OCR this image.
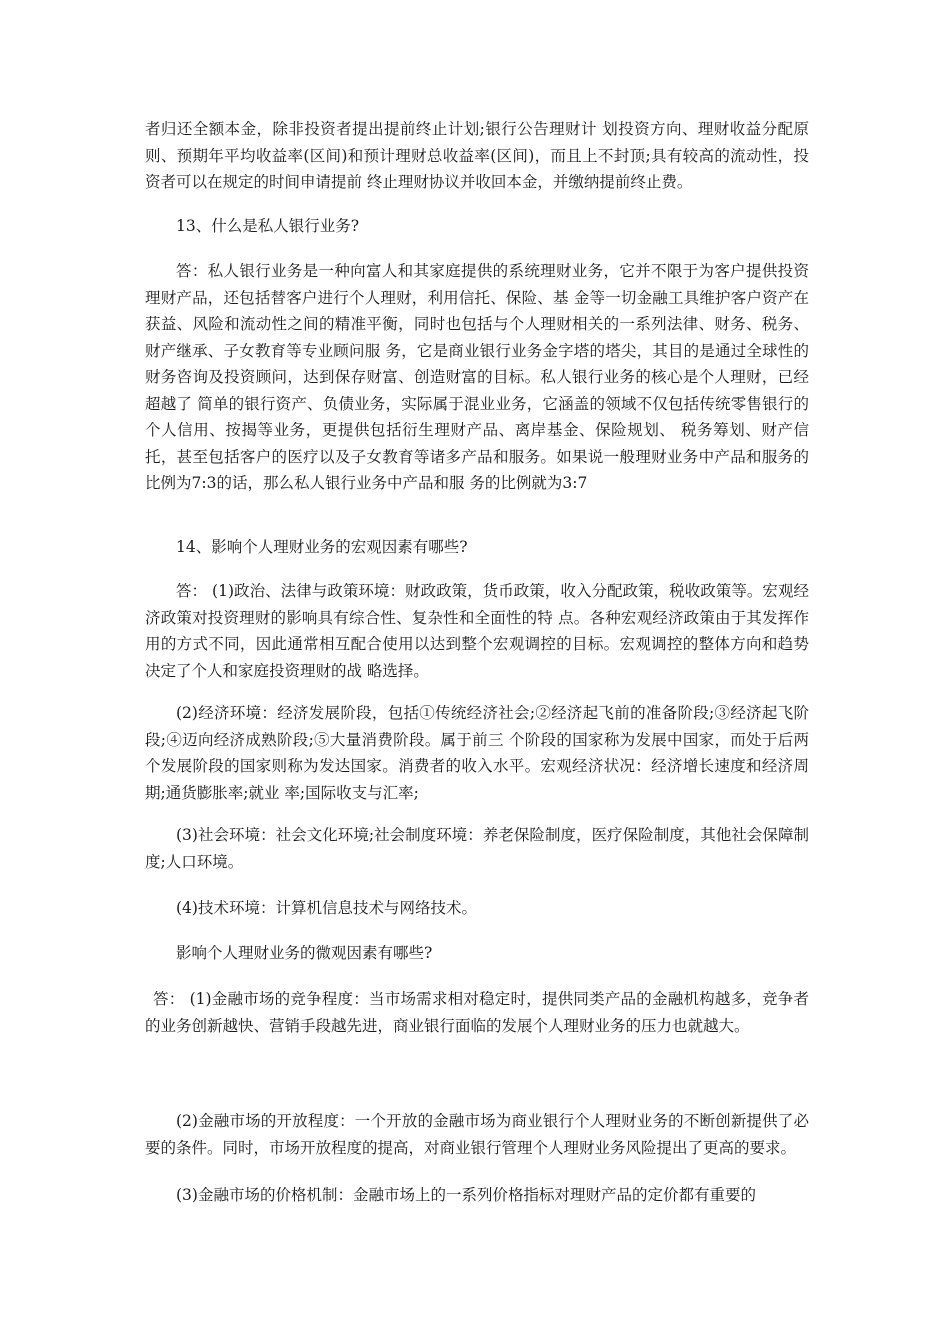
者归还全额本金，除非投资者提出提前终止计划;银行公告理财计 划投资方向、理财收益分配原则、预期年平均收益率(区间)和预计理财总收益率(区间)，而且上不封顶;具有较高的流动性，投资者可以在规定的时间申请提前 终止理财协议并收回本金，并缴纳提前终止费。

13、什么是私人银行业务?

答：私人银行业务是一种向富人和其家庭提供的系统理财业务，它并不限于为客户提供投资理财产品，还包括替客户进行个人理财，利用信托、保险、基 金等一切金融工具维护客户资产在获益、风险和流动性之间的精准平衡，同时也包括与个人理财相关的一系列法律、财务、税务、财产继承、子女教育等专业顾问服 务，它是商业银行业务金字塔的塔尖，其目的是通过全球性的财务咨询及投资顾问，达到保存财富、创造财富的目标。私人银行业务的核心是个人理财，已经超越了 简单的银行资产、负债业务，实际属于混业业务，它涵盖的领域不仅包括传统零售银行的个人信用、按揭等业务，更提供包括衍生理财产品、离岸基金、保险规划、 税务筹划、财产信托，甚至包括客户的医疗以及子女教育等诸多产品和服务。如果说一般理财业务中产品和服务的比例为7:3的话，那么私人银行业务中产品和服 务的比例就为3:7

14、影响个人理财业务的宏观因素有哪些?

答： (1)政治、法律与政策环境：财政政策，货币政策，收入分配政策，税收政策等。宏观经济政策对投资理财的影响具有综合性、复杂性和全面性的特 点。各种宏观经济政策由于其发挥作用的方式不同，因此通常相互配合使用以达到整个宏观调控的目标。宏观调控的整体方向和趋势决定了个人和家庭投资理财的战 略选择。

(2)经济环境：经济发展阶段，包括①传统经济社会;②经济起飞前的准备阶段;③经济起飞阶段;④迈向经济成熟阶段;⑤大量消费阶段。属于前三 个阶段的国家称为发展中国家，而处于后两个发展阶段的国家则称为发达国家。消费者的收入水平。宏观经济状况：经济增长速度和经济周期;通货膨胀率;就业 率;国际收支与汇率;

(3)社会环境：社会文化环境;社会制度环境：养老保险制度，医疗保险制度，其他社会保障制度;人口环境。

(4)技术环境：计算机信息技术与网络技术。

影响个人理财业务的微观因素有哪些?

答： (1)金融市场的竞争程度：当市场需求相对稳定时，提供同类产品的金融机构越多，竞争者的业务创新越快、营销手段越先进，商业银行面临的发展个人理财业务的压力也就越大。

(2)金融市场的开放程度：一个开放的金融市场为商业银行个人理财业务的不断创新提供了必要的条件。同时，市场开放程度的提高，对商业银行管理个人理财业务风险提出了更高的要求。

(3)金融市场的价格机制：金融市场上的一系列价格指标对理财产品的定价都有重要的
